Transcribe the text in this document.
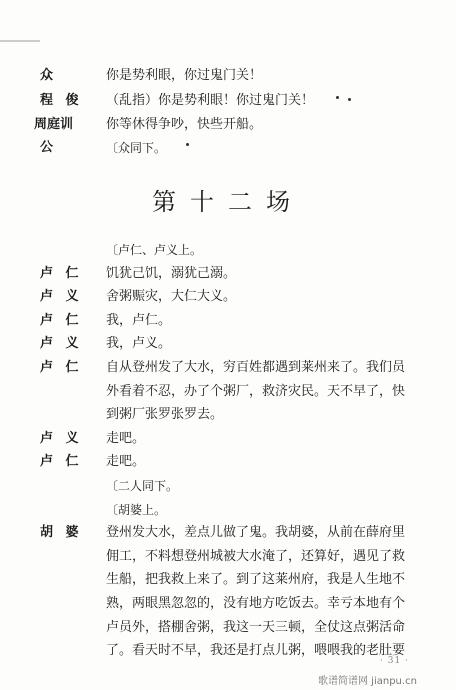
众	你是势利眼，你过鬼门关！
程 俊	（乱指）你是势利眼！你过鬼门关！
周庭训	你等休得争吵，快些开船。
公	〔众同下。
第十二场
〔卢仁、卢义上。
卢 仁	饥犹己饥，溺犹己溺。
卢 义	舍粥赈灾，大仁大义。
卢 仁	我，卢仁。
卢 义	我，卢义。
卢 仁	自从登州发了大水，穷百姓都遇到莱州来了。我们员
外看着不忍，办了个粥厂，救济灾民。天不早了，快
到粥厂张罗张罗去。
卢 义	走吧。
卢 仁	走吧。
〔二人同下。
〔胡婆上。
胡 婆	登州发大水，差点儿做了鬼。我胡婆，从前在薛府里
佣工，不料想登州城被大水淹了，还算好，遇见了救
生船，把我救上来了。到了这莱州府，我是人生地不
熟，两眼黑忽忽的，没有地方吃饭去。幸亏本地有个
卢员外，搭棚舍粥，我这一天三顿，全仗这点粥活命
了。看天时不早，我还是打点儿粥，喂喂我的老肚要
· 31 ·
歌谱简谱网 jianpu.cn
